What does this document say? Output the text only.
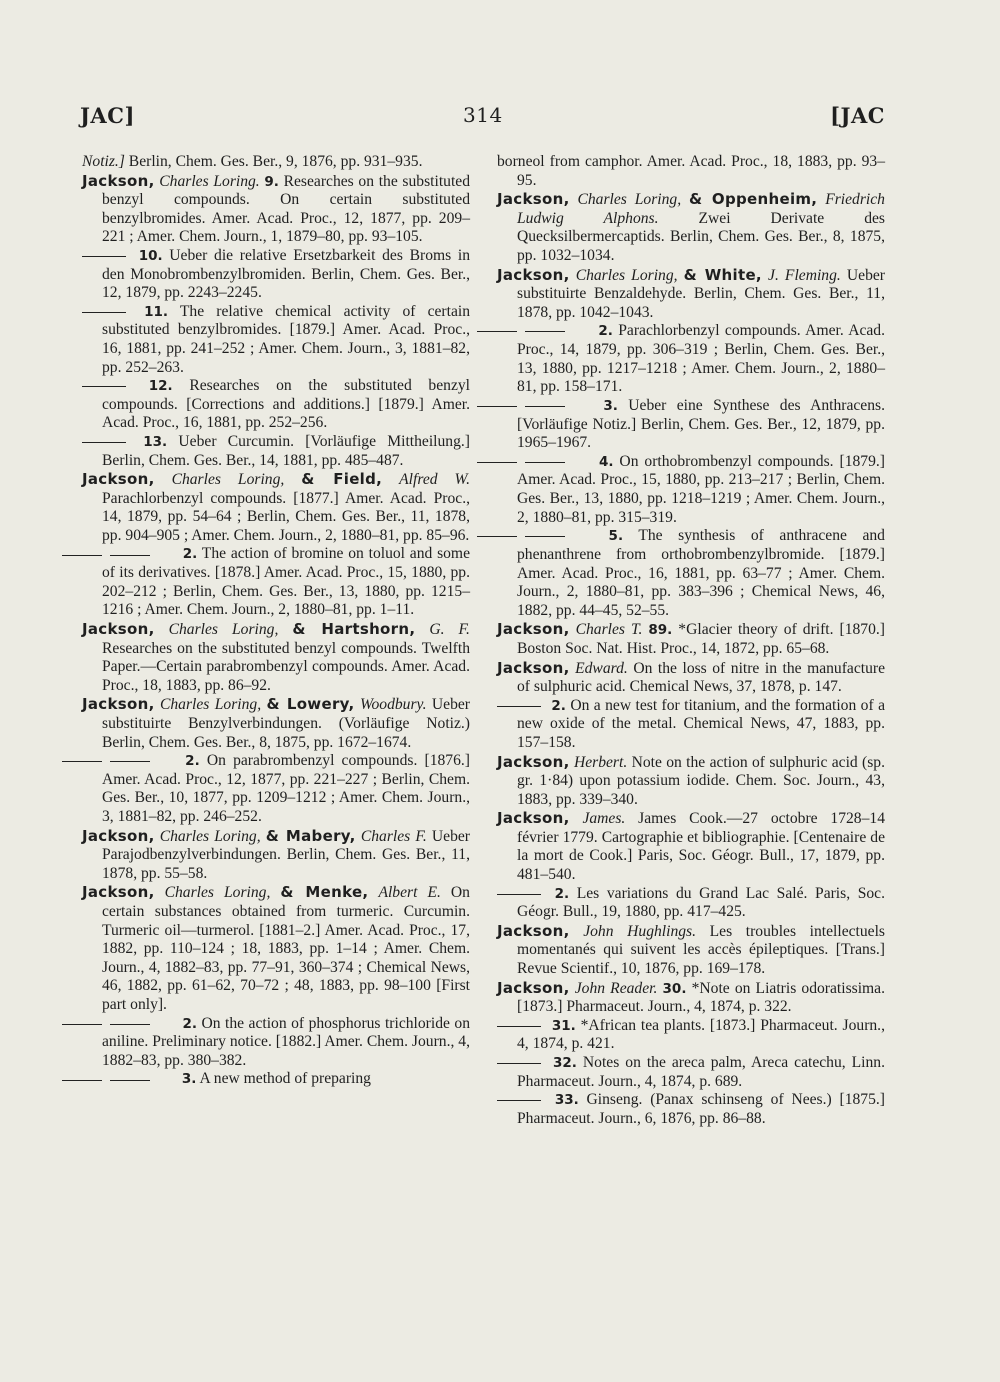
JAC]	314	[JAC

Notiz.] Berlin, Chem. Ges. Ber., 9, 1876, pp. 931–935.

Jackson, Charles Loring. 9. Researches on the substituted benzyl compounds. On certain substituted benzylbromides. Amer. Acad. Proc., 12, 1877, pp. 209–221 ; Amer. Chem. Journ., 1, 1879–80, pp. 93–105.

10. Ueber die relative Ersetzbarkeit des Broms in den Monobrombenzylbromiden. Berlin, Chem. Ges. Ber., 12, 1879, pp. 2243–2245.

11. The relative chemical activity of certain substituted benzylbromides. [1879.] Amer. Acad. Proc., 16, 1881, pp. 241–252 ; Amer. Chem. Journ., 3, 1881–82, pp. 252–263.

12. Researches on the substituted benzyl compounds. [Corrections and additions.] [1879.] Amer. Acad. Proc., 16, 1881, pp. 252–256.

13. Ueber Curcumin. [Vorläufige Mittheilung.] Berlin, Chem. Ges. Ber., 14, 1881, pp. 485–487.

Jackson, Charles Loring, & Field, Alfred W. Parachlorbenzyl compounds. [1877.] Amer. Acad. Proc., 14, 1879, pp. 54–64 ; Berlin, Chem. Ges. Ber., 11, 1878, pp. 904–905 ; Amer. Chem. Journ., 2, 1880–81, pp. 85–96.

2. The action of bromine on toluol and some of its derivatives. [1878.] Amer. Acad. Proc., 15, 1880, pp. 202–212 ; Berlin, Chem. Ges. Ber., 13, 1880, pp. 1215–1216 ; Amer. Chem. Journ., 2, 1880–81, pp. 1–11.

Jackson, Charles Loring, & Hartshorn, G. F. Researches on the substituted benzyl compounds. Twelfth Paper.—Certain parabrombenzyl compounds. Amer. Acad. Proc., 18, 1883, pp. 86–92.

Jackson, Charles Loring, & Lowery, Woodbury. Ueber substituirte Benzylverbindungen. (Vorläufige Notiz.) Berlin, Chem. Ges. Ber., 8, 1875, pp. 1672–1674.

2. On parabrombenzyl compounds. [1876.] Amer. Acad. Proc., 12, 1877, pp. 221–227 ; Berlin, Chem. Ges. Ber., 10, 1877, pp. 1209–1212 ; Amer. Chem. Journ., 3, 1881–82, pp. 246–252.

Jackson, Charles Loring, & Mabery, Charles F. Ueber Parajodbenzylverbindungen. Berlin, Chem. Ges. Ber., 11, 1878, pp. 55–58.

Jackson, Charles Loring, & Menke, Albert E. On certain substances obtained from turmeric. Curcumin. Turmeric oil—turmerol. [1881–2.] Amer. Acad. Proc., 17, 1882, pp. 110–124 ; 18, 1883, pp. 1–14 ; Amer. Chem. Journ., 4, 1882–83, pp. 77–91, 360–374 ; Chemical News, 46, 1882, pp. 61–62, 70–72 ; 48, 1883, pp. 98–100 [First part only].

2. On the action of phosphorus trichloride on aniline. Preliminary notice. [1882.] Amer. Chem. Journ., 4, 1882–83, pp. 380–382.

3. A new method of preparing

borneol from camphor. Amer. Acad. Proc., 18, 1883, pp. 93–95.

Jackson, Charles Loring, & Oppenheim, Friedrich Ludwig Alphons. Zwei Derivate des Quecksilbermercaptids. Berlin, Chem. Ges. Ber., 8, 1875, pp. 1032–1034.

Jackson, Charles Loring, & White, J. Fleming. Ueber substituirte Benzaldehyde. Berlin, Chem. Ges. Ber., 11, 1878, pp. 1042–1043.

2. Parachlorbenzyl compounds. Amer. Acad. Proc., 14, 1879, pp. 306–319 ; Berlin, Chem. Ges. Ber., 13, 1880, pp. 1217–1218 ; Amer. Chem. Journ., 2, 1880–81, pp. 158–171.

3. Ueber eine Synthese des Anthracens. [Vorläufige Notiz.] Berlin, Chem. Ges. Ber., 12, 1879, pp. 1965–1967.

4. On orthobrombenzyl compounds. [1879.] Amer. Acad. Proc., 15, 1880, pp. 213–217 ; Berlin, Chem. Ges. Ber., 13, 1880, pp. 1218–1219 ; Amer. Chem. Journ., 2, 1880–81, pp. 315–319.

5. The synthesis of anthracene and phenanthrene from orthobrombenzylbromide. [1879.] Amer. Acad. Proc., 16, 1881, pp. 63–77 ; Amer. Chem. Journ., 2, 1880–81, pp. 383–396 ; Chemical News, 46, 1882, pp. 44–45, 52–55.

Jackson, Charles T. 89. *Glacier theory of drift. [1870.] Boston Soc. Nat. Hist. Proc., 14, 1872, pp. 65–68.

Jackson, Edward. On the loss of nitre in the manufacture of sulphuric acid. Chemical News, 37, 1878, p. 147.

2. On a new test for titanium, and the formation of a new oxide of the metal. Chemical News, 47, 1883, pp. 157–158.

Jackson, Herbert. Note on the action of sulphuric acid (sp. gr. 1·84) upon potassium iodide. Chem. Soc. Journ., 43, 1883, pp. 339–340.

Jackson, James. James Cook.—27 octobre 1728–14 février 1779. Cartographie et bibliographie. [Centenaire de la mort de Cook.] Paris, Soc. Géogr. Bull., 17, 1879, pp. 481–540.

2. Les variations du Grand Lac Salé. Paris, Soc. Géogr. Bull., 19, 1880, pp. 417–425.

Jackson, John Hughlings. Les troubles intellectuels momentanés qui suivent les accès épileptiques. [Trans.] Revue Scientif., 10, 1876, pp. 169–178.

Jackson, John Reader. 30. *Note on Liatris odoratissima. [1873.] Pharmaceut. Journ., 4, 1874, p. 322.

31. *African tea plants. [1873.] Pharmaceut. Journ., 4, 1874, p. 421.

32. Notes on the areca palm, Areca catechu, Linn. Pharmaceut. Journ., 4, 1874, p. 689.

33. Ginseng. (Panax schinseng of Nees.) [1875.] Pharmaceut. Journ., 6, 1876, pp. 86–88.
